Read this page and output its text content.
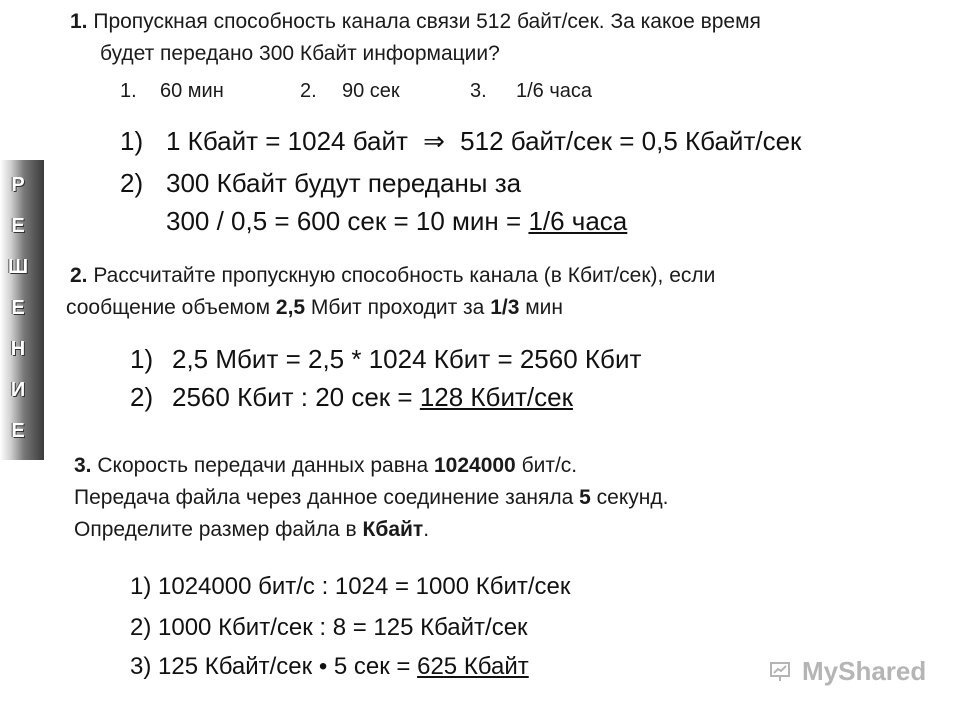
Р
Е
Ш
Е
Н
И
Е
1. Пропускная способность канала связи 512 байт/сек. За какое время
будет передано 300 Кбайт информации?
1. 60 мин	2. 90 сек	3. 1/6 часа
1) 1 Кбайт = 1024 байт ⇒ 512 байт/сек = 0,5 Кбайт/сек
2) 300 Кбайт будут переданы за
300 / 0,5 = 600 сек = 10 мин = 1/6 часа
2. Рассчитайте пропускную способность канала (в Кбит/сек), если
сообщение объемом 2,5 Мбит проходит за 1/3 мин
1) 2,5 Мбит = 2,5 * 1024 Кбит = 2560 Кбит
2) 2560 Кбит : 20 сек = 128 Кбит/сек
3. Скорость передачи данных равна 1024000 бит/с.
Передача файла через данное соединение заняла 5 секунд.
Определите размер файла в Кбайт.
1) 1024000 бит/с : 1024 = 1000 Кбит/сек
2) 1000 Кбит/сек : 8 = 125 Кбайт/сек
3) 125 Кбайт/сек • 5 сек = 625 Кбайт	MyShared
